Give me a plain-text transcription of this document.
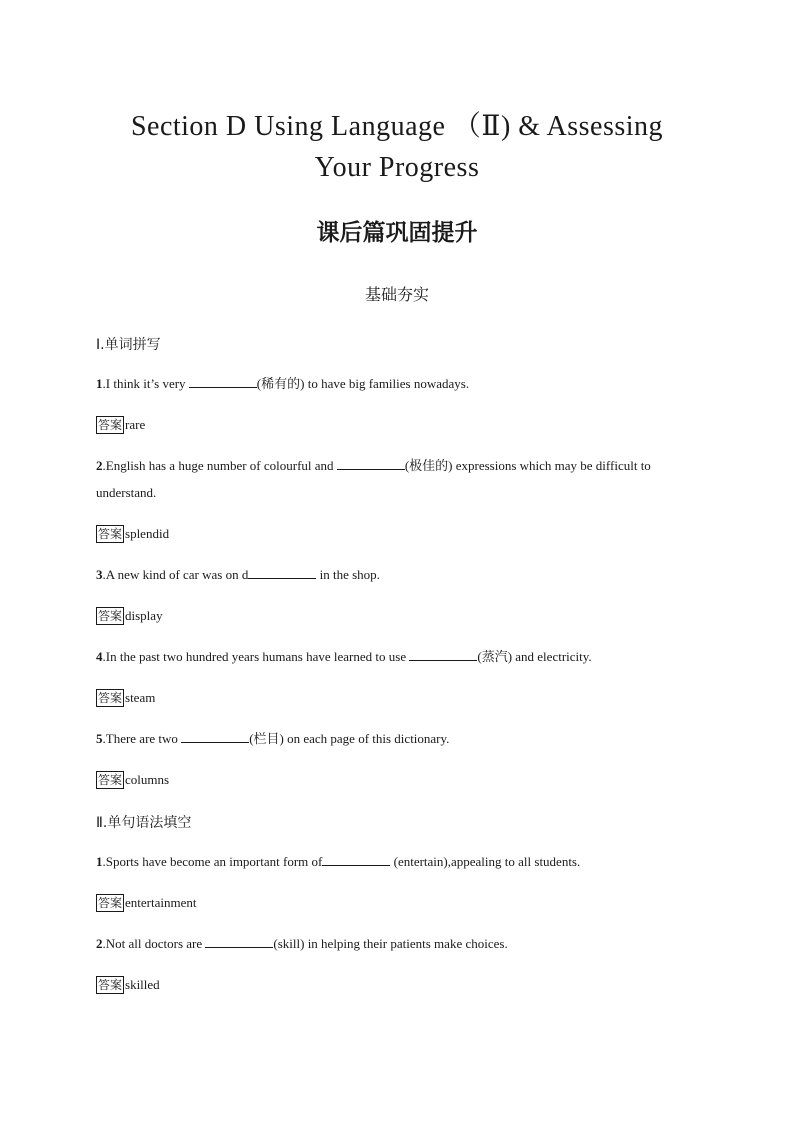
Section D Using Language （Ⅱ) & Assessing
Your Progress
课后篇巩固提升
基础夯实
Ⅰ.单词拼写
1.I think it’s very	(稀有的) to have big families nowadays.
答案 rare
2.English has a huge number of colourful and	(极佳的) expressions which may be difficult to understand.
答案 splendid
3.A new kind of car was on d	in the shop.
答案 display
4.In the past two hundred years humans have learned to use	(蒸汽) and electricity.
答案 steam
5.There are two	(栏目) on each page of this dictionary.
答案 columns
Ⅱ.单句语法填空
1.Sports have become an important form of	(entertain),appealing to all students.
答案 entertainment
2.Not all doctors are	(skill) in helping their patients make choices.
答案 skilled
